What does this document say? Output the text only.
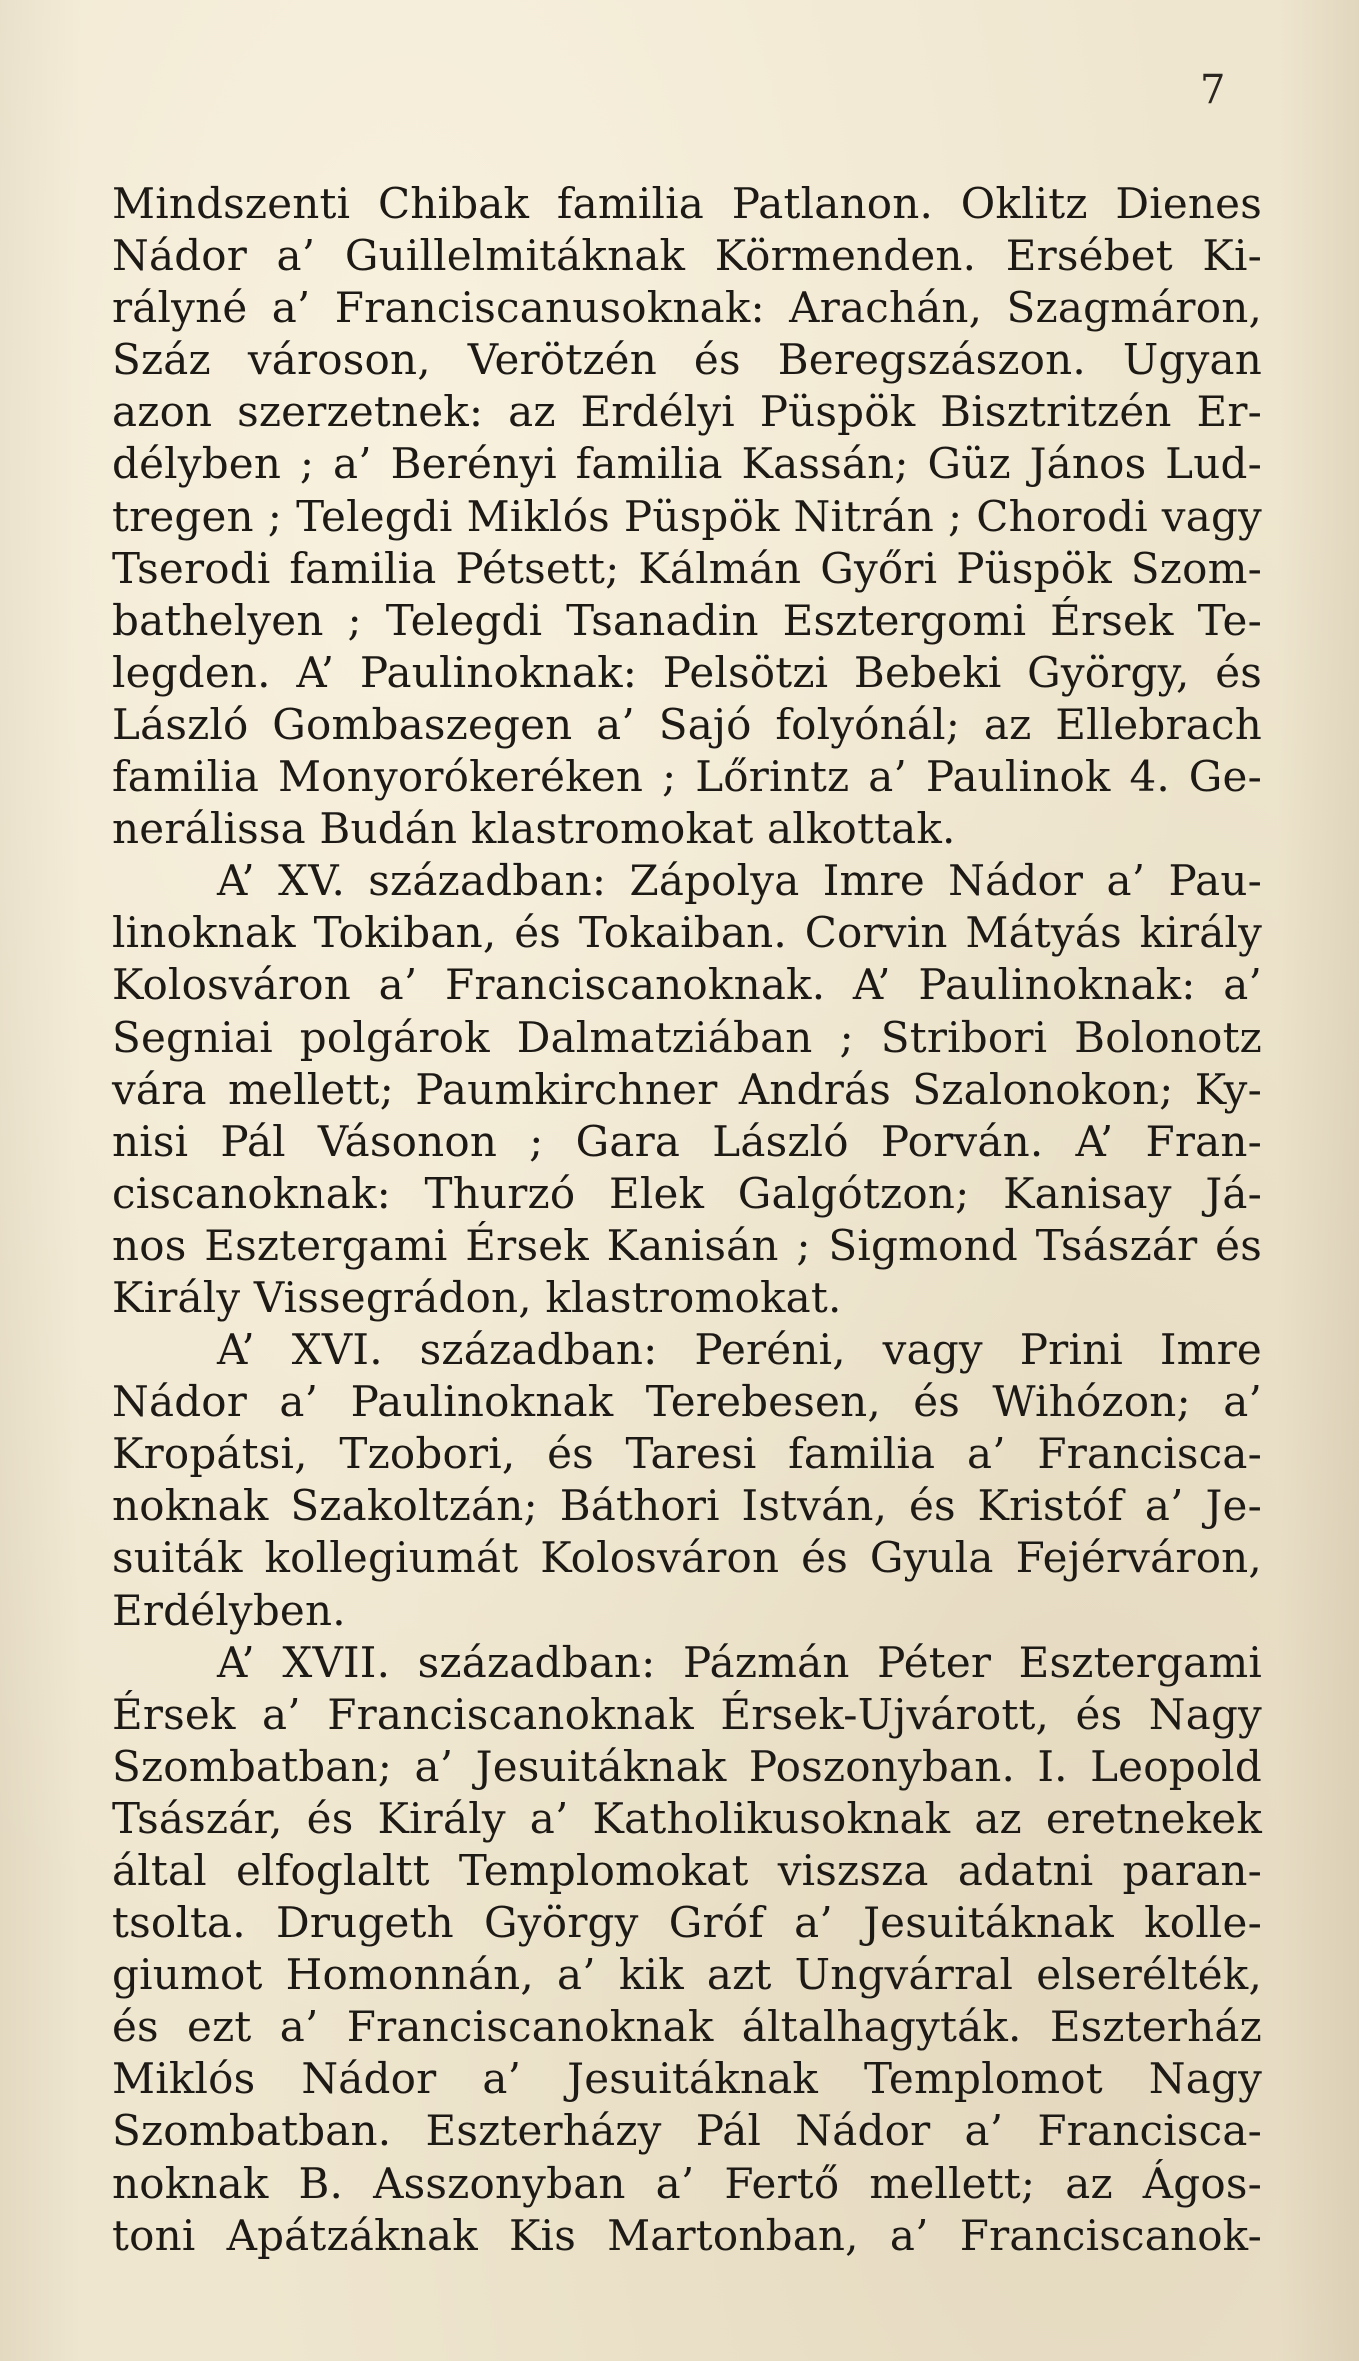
7
Mindszenti Chibak familia Patlanon. Oklitz Dienes
Nádor a’ Guillelmitáknak Körmenden. Ersébet Ki-
rályné a’ Franciscanusoknak: Arachán, Szagmáron,
Száz városon, Verötzén és Beregszászon. Ugyan
azon szerzetnek: az Erdélyi Püspök Bisztritzén Er-
délyben ; a’ Berényi familia Kassán; Güz János Lud-
tregen ; Telegdi Miklós Püspök Nitrán ; Chorodi vagy
Tserodi familia Pétsett; Kálmán Győri Püspök Szom-
bathelyen ; Telegdi Tsanadin Esztergomi Érsek Te-
legden. A’ Paulinoknak: Pelsötzi Bebeki György, és
László Gombaszegen a’ Sajó folyónál; az Ellebrach
familia Monyorókeréken ; Lőrintz a’ Paulinok 4. Ge-
nerálissa Budán klastromokat alkottak.
A’ XV. században: Zápolya Imre Nádor a’ Pau-
linoknak Tokiban, és Tokaiban. Corvin Mátyás király
Kolosváron a’ Franciscanoknak. A’ Paulinoknak: a’
Segniai polgárok Dalmatziában ; Stribori Bolonotz
vára mellett; Paumkirchner András Szalonokon; Ky-
nisi Pál Vásonon ; Gara László Porván. A’ Fran-
ciscanoknak: Thurzó Elek Galgótzon; Kanisay Já-
nos Esztergami Érsek Kanisán ; Sigmond Tsászár és
Király Vissegrádon, klastromokat.
A’ XVI. században: Peréni, vagy Prini Imre
Nádor a’ Paulinoknak Terebesen, és Wihózon; a’
Kropátsi, Tzobori, és Taresi familia a’ Francisca-
noknak Szakoltzán; Báthori István, és Kristóf a’ Je-
suiták kollegiumát Kolosváron és Gyula Fejérváron,
Erdélyben.
A’ XVII. században: Pázmán Péter Esztergami
Érsek a’ Franciscanoknak Érsek-Ujvárott, és Nagy
Szombatban; a’ Jesuitáknak Poszonyban. I. Leopold
Tsászár, és Király a’ Katholikusoknak az eretnekek
által elfoglaltt Templomokat viszsza adatni paran-
tsolta. Drugeth György Gróf a’ Jesuitáknak kolle-
giumot Homonnán, a’ kik azt Ungvárral elserélték,
és ezt a’ Franciscanoknak általhagyták. Eszterház
Miklós Nádor a’ Jesuitáknak Templomot Nagy
Szombatban. Eszterházy Pál Nádor a’ Francisca-
noknak B. Asszonyban a’ Fertő mellett; az Ágos-
toni Apátzáknak Kis Martonban, a’ Franciscanok-
